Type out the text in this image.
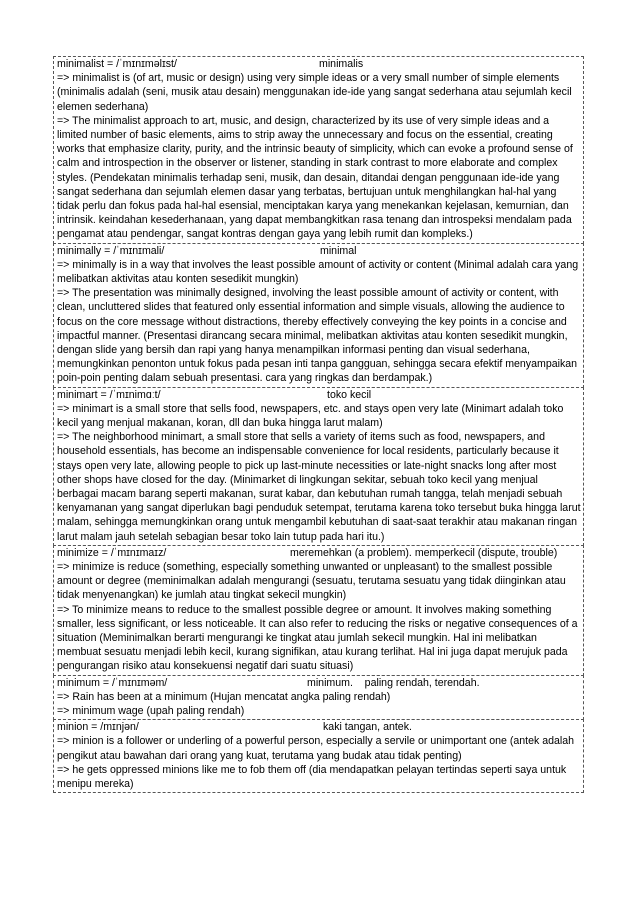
minimalist = /ˈmɪnɪməlɪst/	minimalis
=> minimalist is (of art, music or design) using very simple ideas or a very small number of simple elements (minimalis adalah (seni, musik atau desain) menggunakan ide-ide yang sangat sederhana atau sejumlah kecil elemen sederhana)
=> The minimalist approach to art, music, and design, characterized by its use of very simple ideas and a limited number of basic elements, aims to strip away the unnecessary and focus on the essential, creating works that emphasize clarity, purity, and the intrinsic beauty of simplicity, which can evoke a profound sense of calm and introspection in the observer or listener, standing in stark contrast to more elaborate and complex styles. (Pendekatan minimalis terhadap seni, musik, dan desain, ditandai dengan penggunaan ide-ide yang sangat sederhana dan sejumlah elemen dasar yang terbatas, bertujuan untuk menghilangkan hal-hal yang tidak perlu dan fokus pada hal-hal esensial, menciptakan karya yang menekankan kejelasan, kemurnian, dan intrinsik. keindahan kesederhanaan, yang dapat membangkitkan rasa tenang dan introspeksi mendalam pada pengamat atau pendengar, sangat kontras dengan gaya yang lebih rumit dan kompleks.)
minimally = /ˈmɪnɪmali/	minimal
=> minimally is in a way that involves the least possible amount of activity or content (Minimal adalah cara yang melibatkan aktivitas atau konten sesedikit mungkin)
=> The presentation was minimally designed, involving the least possible amount of activity or content, with clean, uncluttered slides that featured only essential information and simple visuals, allowing the audience to focus on the core message without distractions, thereby effectively conveying the key points in a concise and impactful manner. (Presentasi dirancang secara minimal, melibatkan aktivitas atau konten sesedikit mungkin, dengan slide yang bersih dan rapi yang hanya menampilkan informasi penting dan visual sederhana, memungkinkan penonton untuk fokus pada pesan inti tanpa gangguan, sehingga secara efektif menyampaikan poin-poin penting dalam sebuah presentasi. cara yang ringkas dan berdampak.)
minimart = /ˈmɪnimɑːt/	toko kecil
=> minimart is a small store that sells food, newspapers, etc. and stays open very late (Minimart adalah toko kecil yang menjual makanan, koran, dll dan buka hingga larut malam)
=> The neighborhood minimart, a small store that sells a variety of items such as food, newspapers, and household essentials, has become an indispensable convenience for local residents, particularly because it stays open very late, allowing people to pick up last-minute necessities or late-night snacks long after most other shops have closed for the day. (Minimarket di lingkungan sekitar, sebuah toko kecil yang menjual berbagai macam barang seperti makanan, surat kabar, dan kebutuhan rumah tangga, telah menjadi sebuah kenyamanan yang sangat diperlukan bagi penduduk setempat, terutama karena toko tersebut buka hingga larut malam, sehingga memungkinkan orang untuk mengambil kebutuhan di saat-saat terakhir atau makanan ringan larut malam jauh setelah sebagian besar toko lain tutup pada hari itu.)
minimize = /ˈmɪnɪmaɪz/	meremehkan (a problem). memperkecil (dispute, trouble)
=> minimize is reduce (something, especially something unwanted or unpleasant) to the smallest possible amount or degree (meminimalkan adalah mengurangi (sesuatu, terutama sesuatu yang tidak diinginkan atau tidak menyenangkan) ke jumlah atau tingkat sekecil mungkin)
=> To minimize means to reduce to the smallest possible degree or amount. It involves making something smaller, less significant, or less noticeable. It can also refer to reducing the risks or negative consequences of a situation (Meminimalkan berarti mengurangi ke tingkat atau jumlah sekecil mungkin. Hal ini melibatkan membuat sesuatu menjadi lebih kecil, kurang signifikan, atau kurang terlihat. Hal ini juga dapat merujuk pada pengurangan risiko atau konsekuensi negatif dari suatu situasi)
minimum = /ˈmɪnɪməm/	minimum.    paling rendah, terendah.
=> Rain has been at a minimum (Hujan mencatat angka paling rendah)
=> minimum wage (upah paling rendah)
minion = /mɪnjən/	kaki tangan, antek.
=> minion is a follower or underling of a powerful person, especially a servile or unimportant one (antek adalah pengikut atau bawahan dari orang yang kuat, terutama yang budak atau tidak penting)
=> he gets oppressed minions like me to fob them off (dia mendapatkan pelayan tertindas seperti saya untuk menipu mereka)
